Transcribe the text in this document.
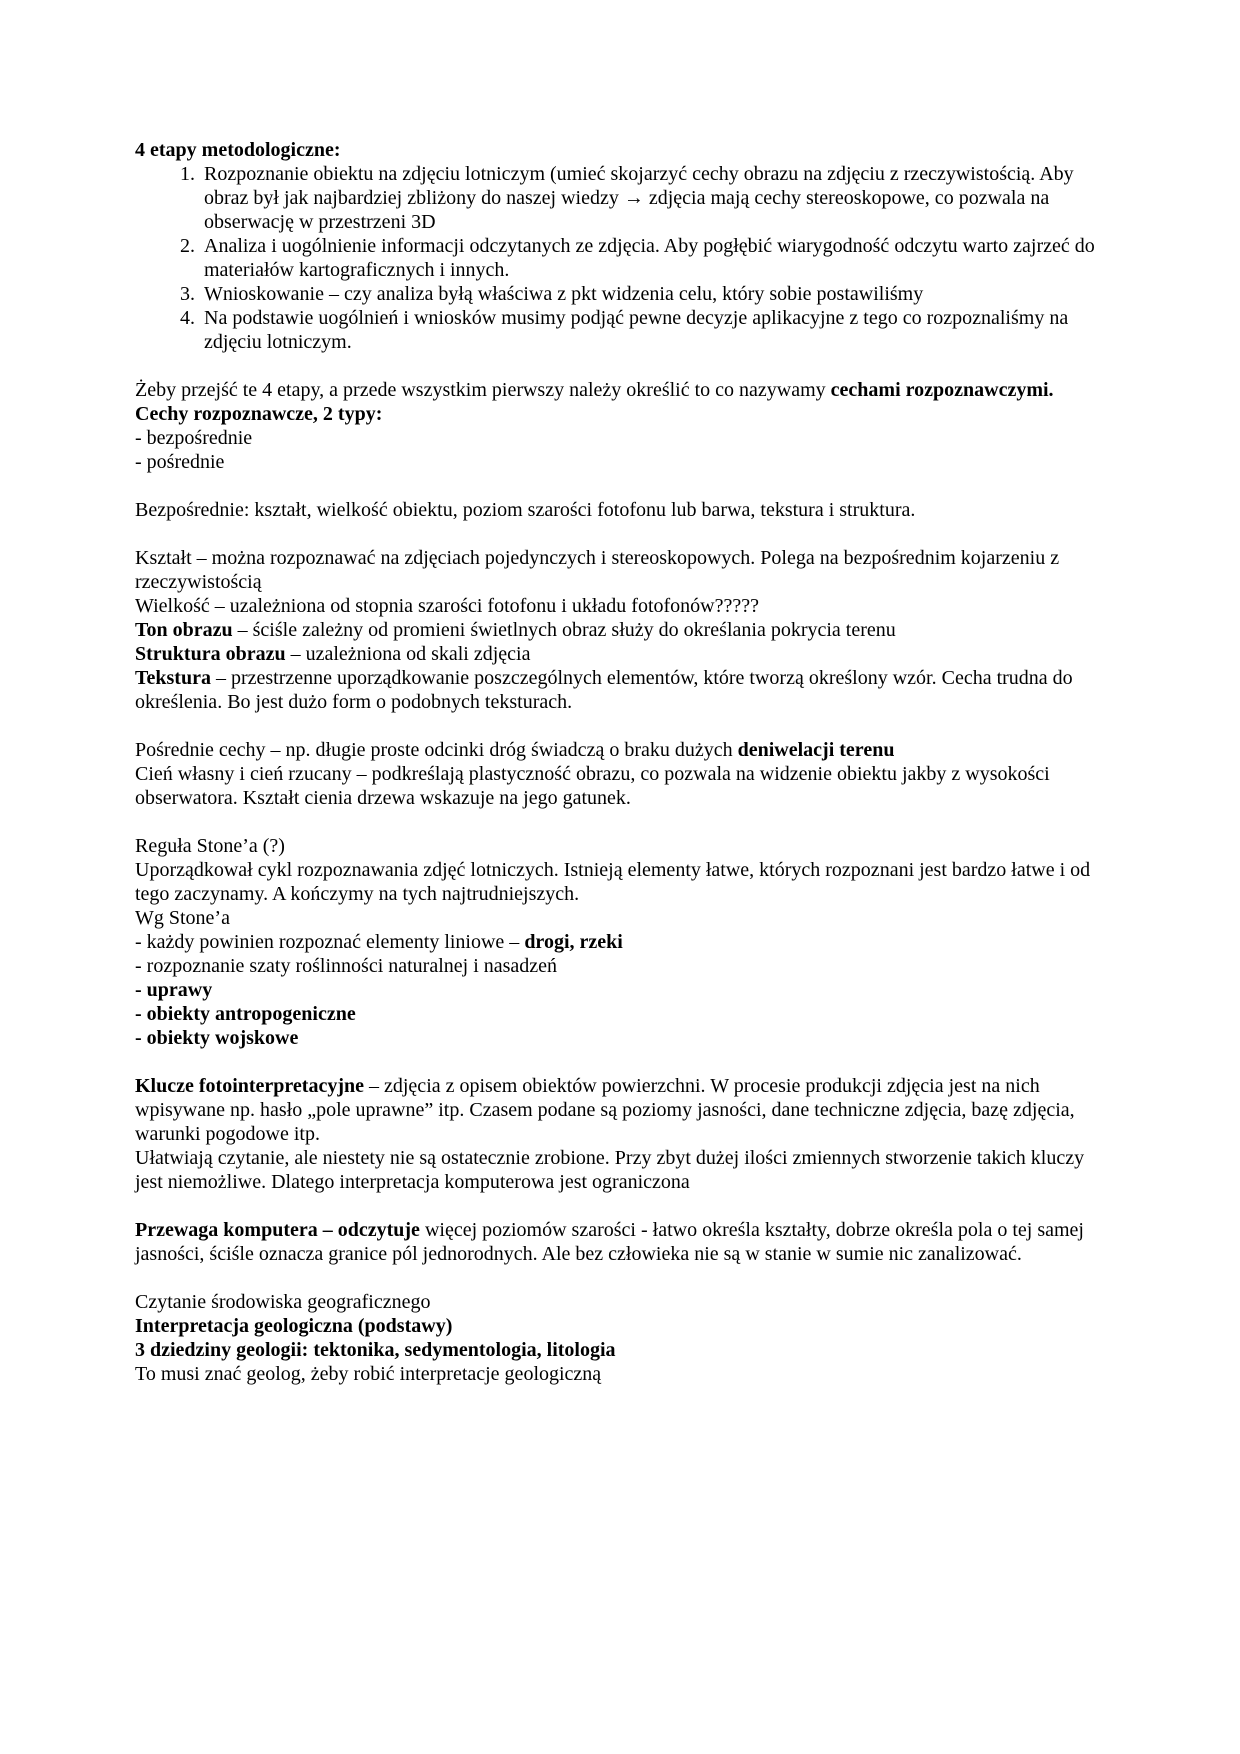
4 etapy metodologiczne:

1. Rozpoznanie obiektu na zdjęciu lotniczym (umieć skojarzyć cechy obrazu na zdjęciu z rzeczywistością. Aby obraz był jak najbardziej zbliżony do naszej wiedzy → zdjęcia mają cechy stereoskopowe, co pozwala na obserwację w przestrzeni 3D
2. Analiza i uogólnienie informacji odczytanych ze zdjęcia. Aby pogłębić wiarygodność odczytu warto zajrzeć do materiałów kartograficznych i innych.
3. Wnioskowanie – czy analiza byłą właściwa z pkt widzenia celu, który sobie postawiliśmy
4. Na podstawie uogólnień i wniosków musimy podjąć pewne decyzje aplikacyjne z tego co rozpoznaliśmy na zdjęciu lotniczym.

Żeby przejść te 4 etapy, a przede wszystkim pierwszy należy określić to co nazywamy cechami rozpoznawczymi.

Cechy rozpoznawcze, 2 typy:

- bezpośrednie

- pośrednie

Bezpośrednie: kształt, wielkość obiektu, poziom szarości fotofonu lub barwa, tekstura i struktura.

Kształt – można rozpoznawać na zdjęciach pojedynczych i stereoskopowych. Polega na bezpośrednim kojarzeniu z rzeczywistością

Wielkość – uzależniona od stopnia szarości fotofonu i układu fotofonów?????

Ton obrazu – ściśle zależny od promieni świetlnych obraz służy do określania pokrycia terenu

Struktura obrazu – uzależniona od skali zdjęcia

Tekstura – przestrzenne uporządkowanie poszczególnych elementów, które tworzą określony wzór. Cecha trudna do określenia. Bo jest dużo form o podobnych teksturach.

Pośrednie cechy – np. długie proste odcinki dróg świadczą o braku dużych deniwelacji terenu

Cień własny i cień rzucany – podkreślają plastyczność obrazu, co pozwala na widzenie obiektu jakby z wysokości obserwatora. Kształt cienia drzewa wskazuje na jego gatunek.

Reguła Stone’a (?)

Uporządkował cykl rozpoznawania zdjęć lotniczych. Istnieją elementy łatwe, których rozpoznani jest bardzo łatwe i od tego zaczynamy. A kończymy na tych najtrudniejszych.

Wg Stone’a

- każdy powinien rozpoznać elementy liniowe – drogi, rzeki

- rozpoznanie szaty roślinności naturalnej i nasadzeń

- uprawy

- obiekty antropogeniczne

- obiekty wojskowe

Klucze fotointerpretacyjne – zdjęcia z opisem obiektów powierzchni. W procesie produkcji zdjęcia jest na nich wpisywane np. hasło „pole uprawne” itp. Czasem podane są poziomy jasności, dane techniczne zdjęcia, bazę zdjęcia, warunki pogodowe itp.

Ułatwiają czytanie, ale niestety nie są ostatecznie zrobione. Przy zbyt dużej ilości zmiennych stworzenie takich kluczy jest niemożliwe. Dlatego interpretacja komputerowa jest ograniczona

Przewaga komputera – odczytuje więcej poziomów szarości - łatwo określa kształty, dobrze określa pola o tej samej jasności, ściśle oznacza granice pól jednorodnych. Ale bez człowieka nie są w stanie w sumie nic zanalizować.

Czytanie środowiska geograficznego

Interpretacja geologiczna (podstawy)

3 dziedziny geologii: tektonika, sedymentologia, litologia

To musi znać geolog, żeby robić interpretacje geologiczną
